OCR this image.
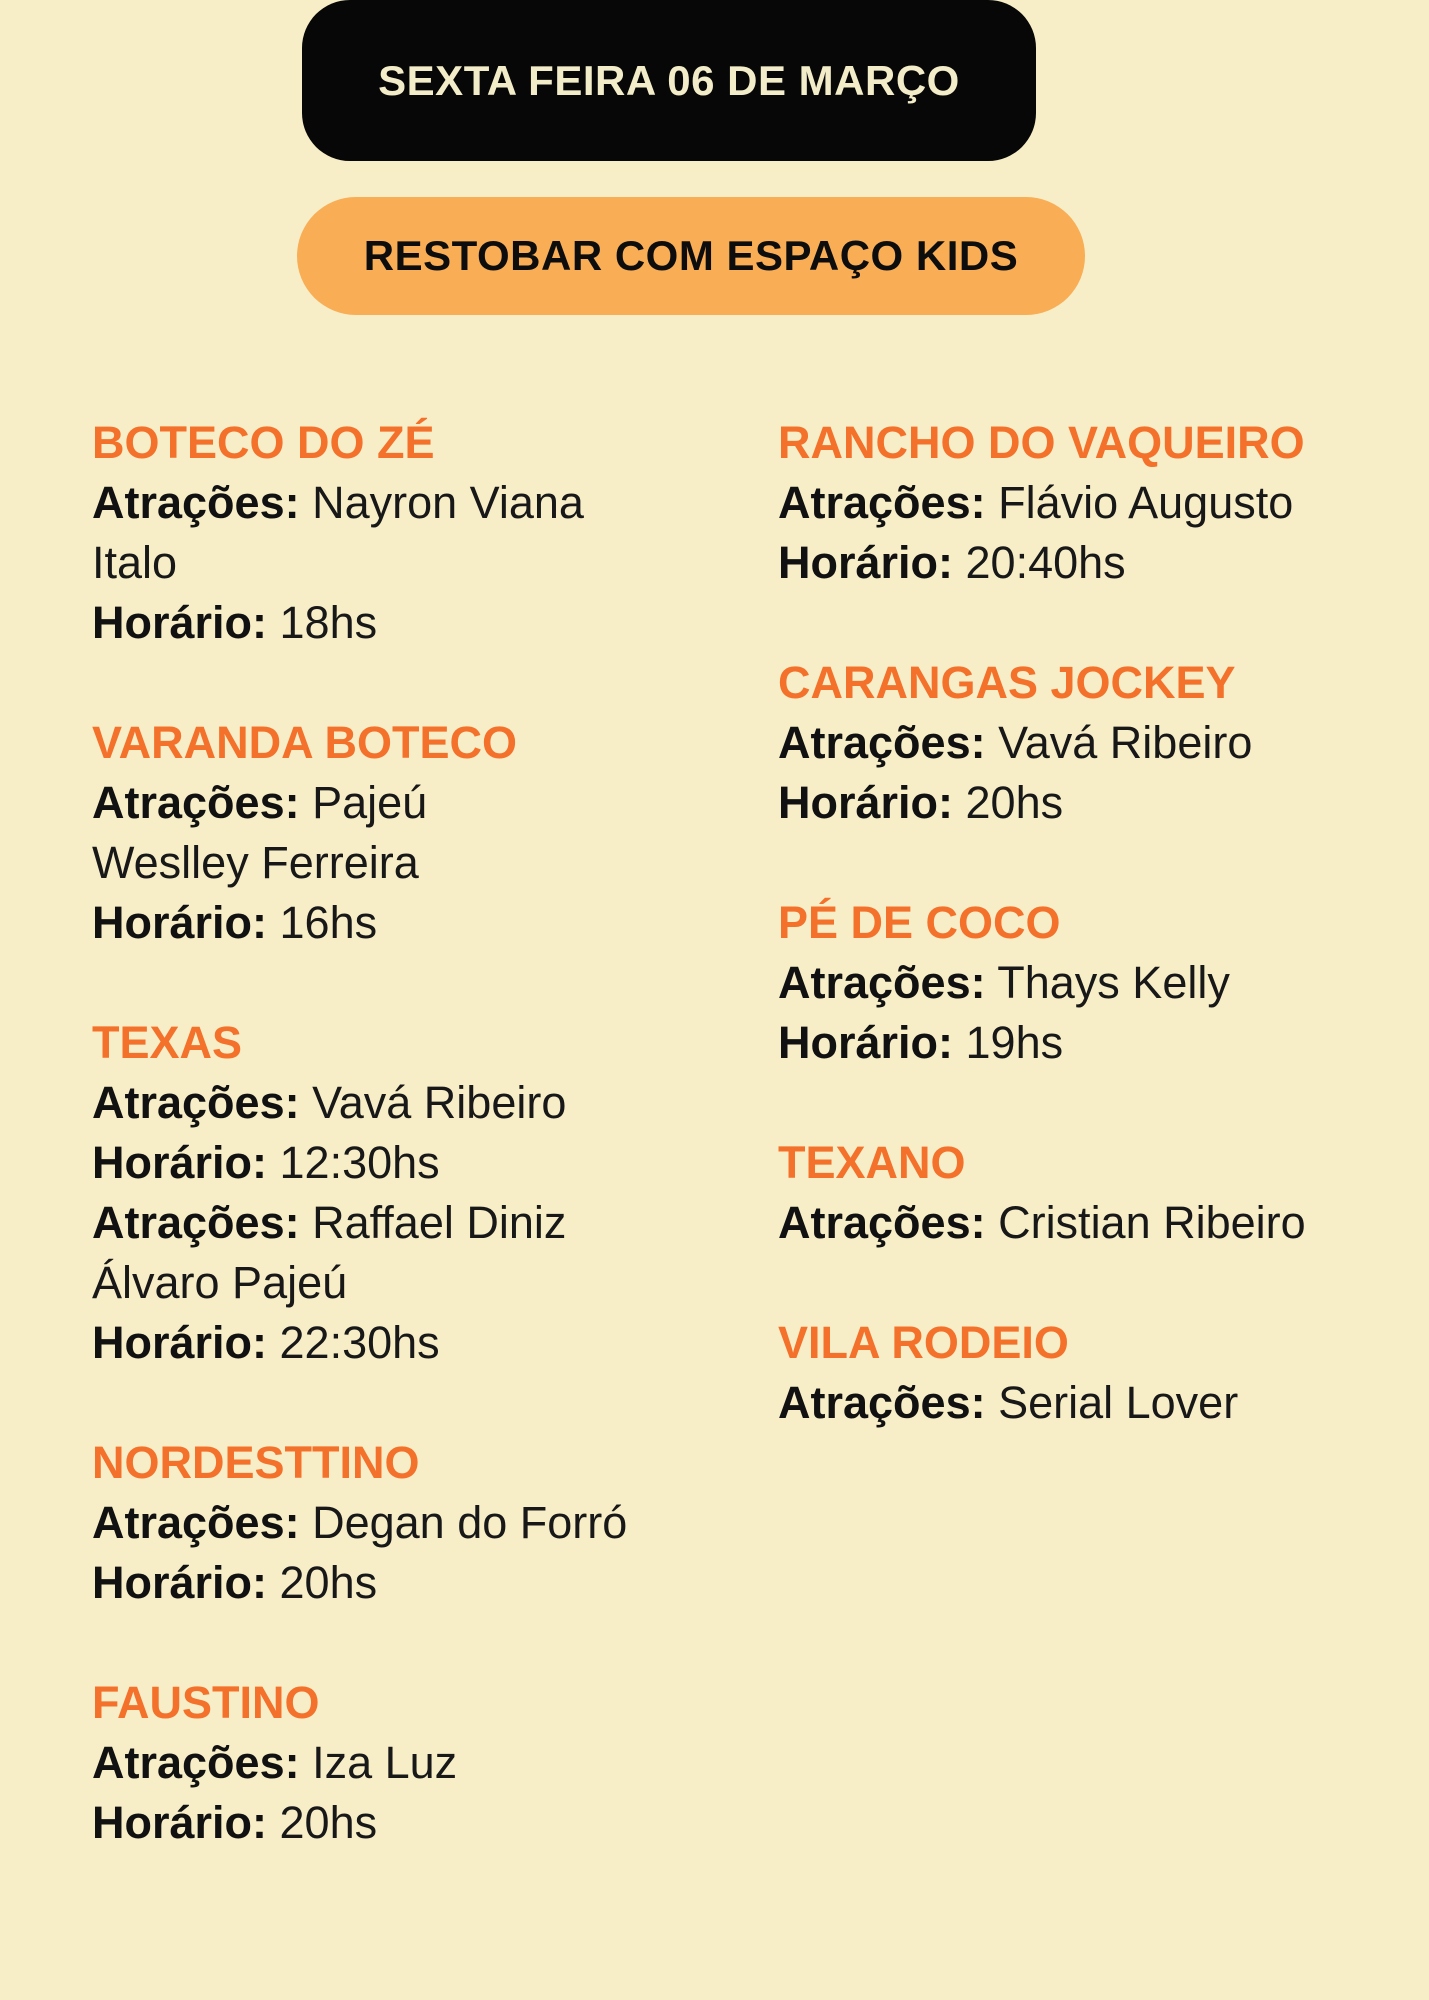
SEXTA FEIRA 06 DE MARÇO
RESTOBAR COM ESPAÇO KIDS
BOTECO DO ZÉ
Atrações: Nayron Viana
Italo
Horário: 18hs
VARANDA BOTECO
Atrações: Pajeú
Weslley Ferreira
Horário: 16hs
TEXAS
Atrações: Vavá Ribeiro
Horário: 12:30hs
Atrações: Raffael Diniz
Álvaro Pajeú
Horário: 22:30hs
NORDESTTINO
Atrações: Degan do Forró
Horário: 20hs
FAUSTINO
Atrações: Iza Luz
Horário: 20hs
RANCHO DO VAQUEIRO
Atrações: Flávio Augusto
Horário: 20:40hs
CARANGAS JOCKEY
Atrações: Vavá Ribeiro
Horário: 20hs
PÉ DE COCO
Atrações: Thays Kelly
Horário: 19hs
TEXANO
Atrações: Cristian Ribeiro
VILA RODEIO
Atrações: Serial Lover
